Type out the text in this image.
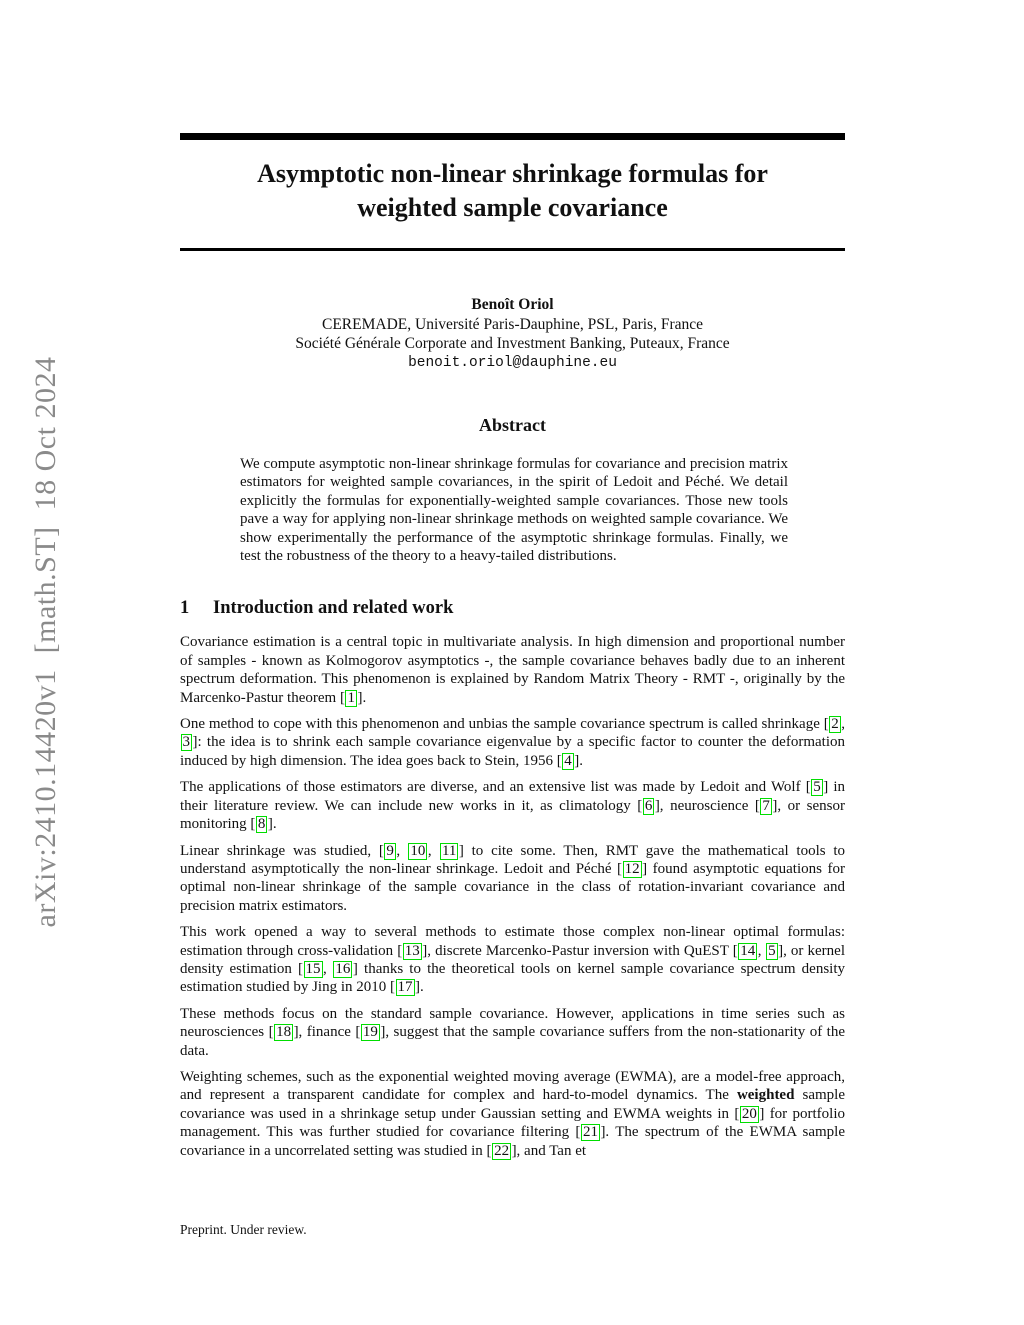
arXiv:2410.14420v1  [math.ST]  18 Oct 2024
Asymptotic non-linear shrinkage formulas for
weighted sample covariance
Benoît Oriol
CEREMADE, Université Paris-Dauphine, PSL, Paris, France
Société Générale Corporate and Investment Banking, Puteaux, France
benoit.oriol@dauphine.eu
Abstract

We compute asymptotic non-linear shrinkage formulas for covariance and precision matrix estimators for weighted sample covariances, in the spirit of Ledoit and Péché. We detail explicitly the formulas for exponentially-weighted sample covariances. Those new tools pave a way for applying non-linear shrinkage methods on weighted sample covariance. We show experimentally the performance of the asymptotic shrinkage formulas. Finally, we test the robustness of the theory to a heavy-tailed distributions.

1	Introduction and related work

Covariance estimation is a central topic in multivariate analysis. In high dimension and proportional number of samples - known as Kolmogorov asymptotics -, the sample covariance behaves badly due to an inherent spectrum deformation. This phenomenon is explained by Random Matrix Theory - RMT -, originally by the Marcenko-Pastur theorem [ 1 ].

One method to cope with this phenomenon and unbias the sample covariance spectrum is called shrinkage [ 2 , 3 ]: the idea is to shrink each sample covariance eigenvalue by a specific factor to counter the deformation induced by high dimension. The idea goes back to Stein, 1956 [ 4 ].

The applications of those estimators are diverse, and an extensive list was made by Ledoit and Wolf [ 5 ] in their literature review. We can include new works in it, as climatology [ 6 ], neuroscience [ 7 ], or sensor monitoring [ 8 ].

Linear shrinkage was studied, [ 9 , 10 , 11 ] to cite some. Then, RMT gave the mathematical tools to understand asymptotically the non-linear shrinkage. Ledoit and Péché [ 12 ] found asymptotic equations for optimal non-linear shrinkage of the sample covariance in the class of rotation-invariant covariance and precision matrix estimators.

This work opened a way to several methods to estimate those complex non-linear optimal formulas: estimation through cross-validation [ 13 ], discrete Marcenko-Pastur inversion with QuEST [ 14 , 5 ], or kernel density estimation [ 15 , 16 ] thanks to the theoretical tools on kernel sample covariance spectrum density estimation studied by Jing in 2010 [ 17 ].

These methods focus on the standard sample covariance. However, applications in time series such as neurosciences [ 18 ], finance [ 19 ], suggest that the sample covariance suffers from the non-stationarity of the data.

Weighting schemes, such as the exponential weighted moving average (EWMA), are a model-free approach, and represent a transparent candidate for complex and hard-to-model dynamics. The weighted sample covariance was used in a shrinkage setup under Gaussian setting and EWMA weights in [ 20 ] for portfolio management. This was further studied for covariance filtering [ 21 ]. The spectrum of the EWMA sample covariance in a uncorrelated setting was studied in [ 22 ], and Tan et

Preprint. Under review.
